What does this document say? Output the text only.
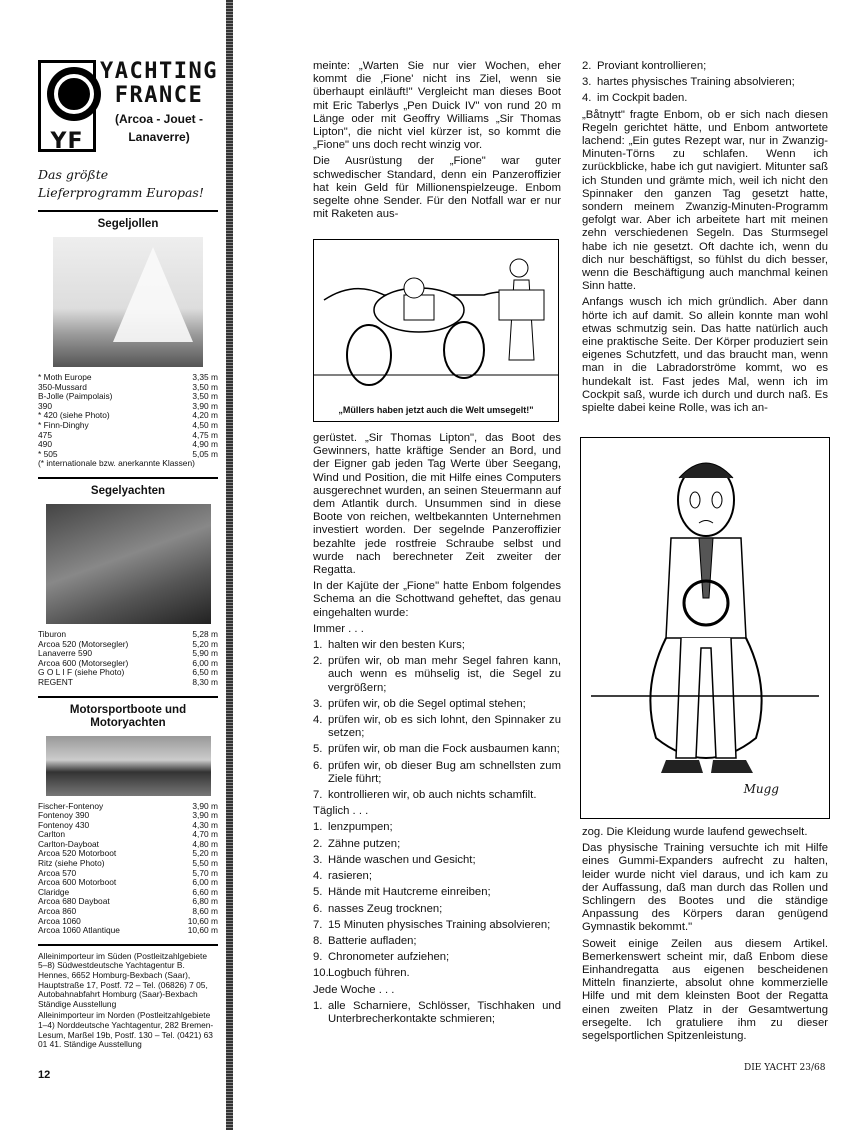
YF
YACHTING
FRANCE
(Arcoa - Jouet -
Lanaverre)
Das größte
Lieferprogramm Europas!
Segeljollen
* Moth Europe	3,35 m
350-Mussard	3,50 m
B-Jolle (Paimpolais)	3,50 m
390	3,90 m
* 420 (siehe Photo)	4,20 m
* Finn-Dinghy	4,50 m
475	4,75 m
490	4,90 m
* 505	5,05 m
(* internationale bzw. anerkannte Klassen)
Segelyachten
Tiburon	5,28 m
Arcoa 520 (Motorsegler)	5,20 m
Lanaverre 590	5,90 m
Arcoa 600 (Motorsegler)	6,00 m
G O L I F (siehe Photo)	6,50 m
REGENT	8,30 m
Motorsportboote und
Motoryachten
Fischer-Fontenoy	3,90 m
Fontenoy 390	3,90 m
Fontenoy 430	4,30 m
Carlton	4,70 m
Carlton-Dayboat	4,80 m
Arcoa 520 Motorboot	5,20 m
Ritz (siehe Photo)	5,50 m
Arcoa 570	5,70 m
Arcoa 600 Motorboot	6,00 m
Claridge	6,60 m
Arcoa 680 Dayboat	6,80 m
Arcoa 860	8,60 m
Arcoa 1060	10,60 m
Arcoa 1060 Atlantique	10,60 m
Alleinimporteur im Süden (Postleitzahlgebiete 5–8) Südwestdeutsche Yachtagentur B. Hennes, 6652 Homburg-Bexbach (Saar), Hauptstraße 17, Postf. 72 – Tel. (06826) 7 05, Autobahnabfahrt Homburg (Saar)-Bexbach Ständige Ausstellung
Alleinimporteur im Norden (Postleitzahlgebiete 1–4) Norddeutsche Yachtagentur, 282 Bremen-Lesum, Marßel 19b, Postf. 130 – Tel. (0421) 63 01 41. Ständige Ausstellung
12

meinte: „Warten Sie nur vier Wochen, eher kommt die ‚Fione' nicht ins Ziel, wenn sie überhaupt einläuft!" Vergleicht man dieses Boot mit Eric Taberlys „Pen Duick IV" von rund 20 m Länge oder mit Geoffry Williams „Sir Thomas Lipton", die nicht viel kürzer ist, so kommt die „Fione" uns doch recht winzig vor.

Die Ausrüstung der „Fione" war guter schwedischer Standard, denn ein Panzeroffizier hat kein Geld für Millionenspielzeuge. Enbom segelte ohne Sender. Für den Notfall war er nur mit Raketen aus-

„Müllers haben jetzt auch die Welt umsegelt!"

gerüstet. „Sir Thomas Lipton", das Boot des Gewinners, hatte kräftige Sender an Bord, und der Eigner gab jeden Tag Werte über Seegang, Wind und Position, die mit Hilfe eines Computers ausgerechnet wurden, an seinen Steuermann auf dem Atlantik durch. Unsummen sind in diese Boote von reichen, weltbekannten Unternehmen investiert worden. Der segelnde Panzeroffizier bezahlte jede rostfreie Schraube selbst und wurde nach berechneter Zeit zweiter der Regatta.

In der Kajüte der „Fione" hatte Enbom folgendes Schema an die Schottwand geheftet, das genau eingehalten wurde:

Immer . . .

1. halten wir den besten Kurs;
2. prüfen wir, ob man mehr Segel fahren kann, auch wenn es mühselig ist, die Segel zu vergrößern;
3. prüfen wir, ob die Segel optimal stehen;
4. prüfen wir, ob es sich lohnt, den Spinnaker zu setzen;
5. prüfen wir, ob man die Fock ausbaumen kann;
6. prüfen wir, ob dieser Bug am schnellsten zum Ziele führt;
7. kontrollieren wir, ob auch nichts schamfilt.

Täglich . . .

1. lenzpumpen;
2. Zähne putzen;
3. Hände waschen und Gesicht;
4. rasieren;
5. Hände mit Hautcreme einreiben;
6. nasses Zeug trocknen;
7. 15 Minuten physisches Training absolvieren;
8. Batterie aufladen;
9. Chronometer aufziehen;
10. Logbuch führen.

Jede Woche . . .

1. alle Scharniere, Schlösser, Tischhaken und Unterbrecherkontakte schmieren;
2. Proviant kontrollieren;
3. hartes physisches Training absolvieren;
4. im Cockpit baden.

„Båtnytt" fragte Enbom, ob er sich nach diesen Regeln gerichtet hätte, und Enbom antwortete lachend: „Ein gutes Rezept war, nur in Zwanzig-Minuten-Törns zu schlafen. Wenn ich zurückblicke, habe ich gut navigiert. Mitunter saß ich Stunden und grämte mich, weil ich nicht den Spinnaker den ganzen Tag gesetzt hatte, sondern meinem Zwanzig-Minuten-Programm gefolgt war. Aber ich arbeitete hart mit meinen zehn verschiedenen Segeln. Das Sturmsegel habe ich nie gesetzt. Oft dachte ich, wenn du dich nur beschäftigst, so fühlst du dich besser, wenn die Beschäftigung auch manchmal keinen Sinn hatte.

Anfangs wusch ich mich gründlich. Aber dann hörte ich auf damit. So allein konnte man wohl etwas schmutzig sein. Das hatte natürlich auch eine praktische Seite. Der Körper produziert sein eigenes Schutzfett, und das braucht man, wenn man in die Labradorströme kommt, wo es hundekalt ist. Fast jedes Mal, wenn ich im Cockpit saß, wurde ich durch und durch naß. Es spielte dabei keine Rolle, was ich an-

Mugg

zog. Die Kleidung wurde laufend gewechselt.

Das physische Training versuchte ich mit Hilfe eines Gummi-Expanders aufrecht zu halten, leider wurde nicht viel daraus, und ich kam zu der Auffassung, daß man durch das Rollen und Schlingern des Bootes und die ständige Anpassung des Körpers daran genügend Gymnastik bekommt."

Soweit einige Zeilen aus diesem Artikel. Bemerkenswert scheint mir, daß Enbom diese Einhandregatta aus eigenen bescheidenen Mitteln finanzierte, absolut ohne kommerzielle Hilfe und mit dem kleinsten Boot der Regatta einen zweiten Platz in der Gesamtwertung ersegelte. Ich gratuliere ihm zu dieser segelsportlichen Spitzenleistung.

DIE YACHT 23/68
